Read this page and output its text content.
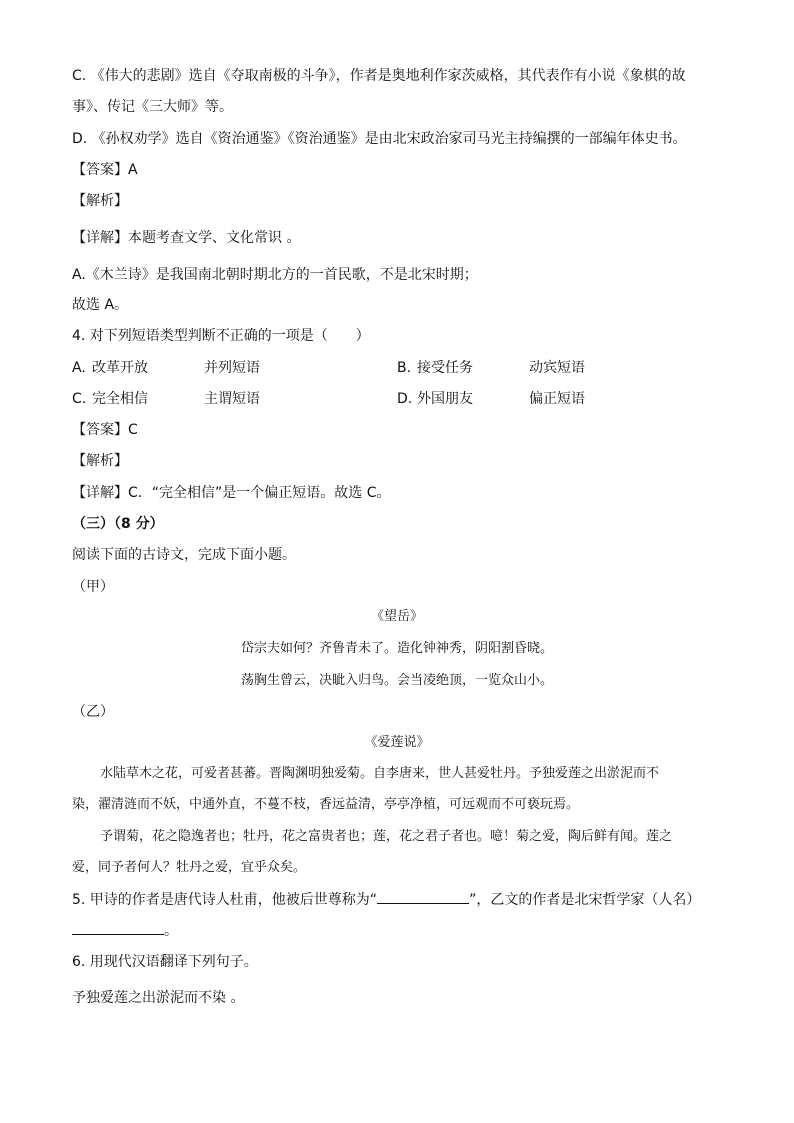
C. 《伟大的悲剧》选自《夺取南极的斗争》，作者是奥地利作家茨威格，其代表作有小说《象棋的故
事》、传记《三大师》等。
D. 《孙权劝学》选自《资治通鉴》《资治通鉴》是由北宋政治家司马光主持编撰的一部编年体史书。
【答案】A
【解析】
【详解】本题考查文学、文化常识 。
A.《木兰诗》是我国南北朝时期北方的一首民歌，不是北宋时期；
故选 A。
4. 对下列短语类型判断不正确的一项是（　　）
A. 改革开放	并列短语	B. 接受任务	动宾短语
C. 完全相信	主谓短语	D. 外国朋友	偏正短语
【答案】C
【解析】
【详解】C．“完全相信”是一个偏正短语。故选 C。
（三）（8 分）
阅读下面的古诗文，完成下面小题。
（甲）
《望岳》
岱宗夫如何？齐鲁青未了。造化钟神秀，阴阳割昏晓。
荡胸生曾云，决眦入归鸟。会当凌绝顶，一览众山小。
（乙）
《爱莲说》
水陆草木之花，可爱者甚蕃。晋陶渊明独爱菊。自李唐来，世人甚爱牡丹。予独爱莲之出淤泥而不
染，濯清涟而不妖，中通外直，不蔓不枝，香远益清，亭亭净植，可远观而不可亵玩焉。
予谓菊，花之隐逸者也；牡丹，花之富贵者也；莲，花之君子者也。噫！菊之爱，陶后鲜有闻。莲之
爱，同予者何人？牡丹之爱，宜乎众矣。
5. 甲诗的作者是唐代诗人杜甫，他被后世尊称为“	”，乙文的作者是北宋哲学家（人名）
。
6. 用现代汉语翻译下列句子。
予独爱莲之出淤泥而不染 。
